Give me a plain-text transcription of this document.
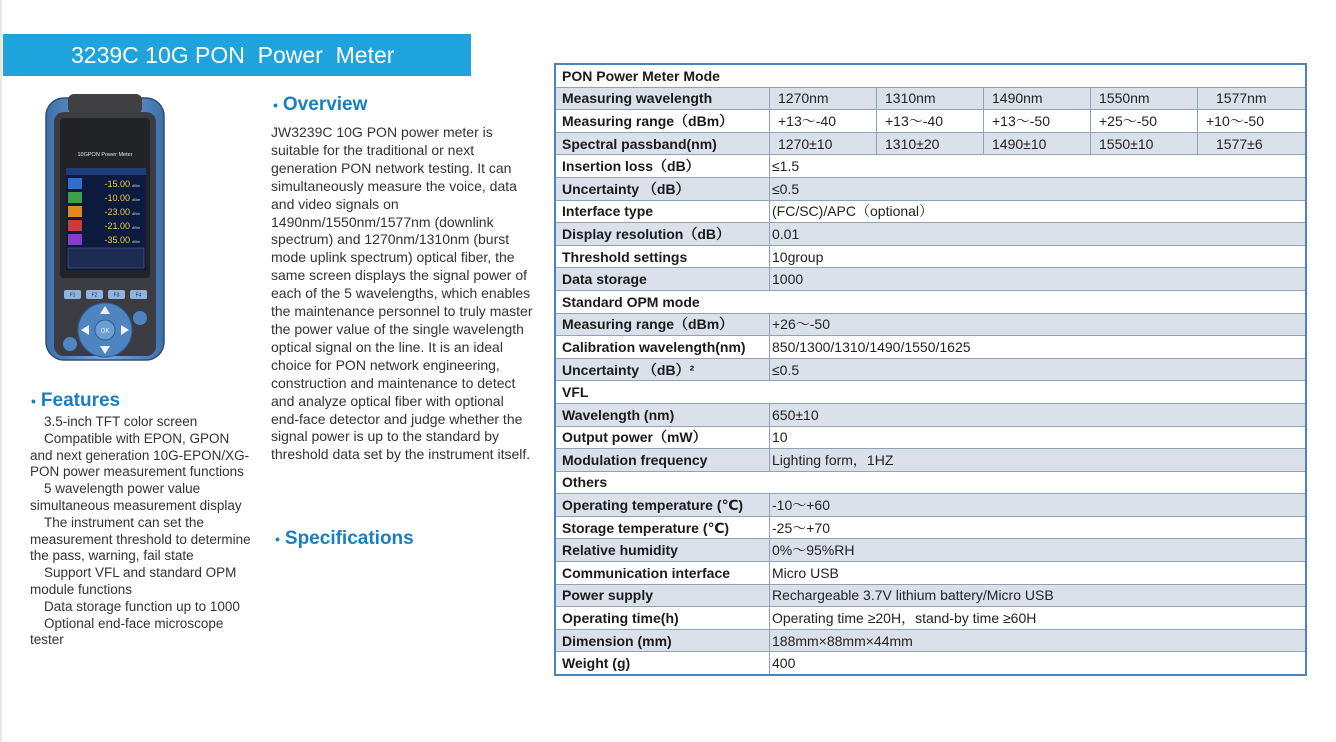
3239C 10G PON  Power  Meter
10GPON Power Meter
-15.00 dBm
-10.00 dBm
-23.00 dBm
-21.00 dBm
-35.00 dBm
F1	F2	F3	F4
OK
• Overview

JW3239C 10G PON power meter is suitable for the traditional or next generation PON network testing. It can simultaneously measure the voice, data and video signals on 1490nm/1550nm/1577nm (downlink spectrum) and 1270nm/1310nm (burst mode uplink spectrum) optical fiber, the same screen displays the signal power of each of the 5 wavelengths, which enables the maintenance personnel to truly master the power value of the single wavelength optical signal on the line. It is an ideal choice for PON network engineering, construction and maintenance to detect and analyze optical fiber with optional end-face detector and judge whether the signal power is up to the standard by threshold data set by the instrument itself.

• Features

3.5-inch TFT color screen

Compatible with EPON, GPON and next generation 10G-EPON/XG-PON power measurement functions

5 wavelength power value simultaneous measurement display

The instrument can set the measurement threshold to determine the pass, warning, fail state

Support VFL and standard OPM module functions

Data storage function up to 1000

Optional end-face microscope tester

• Specifications
PON Power Meter Mode					
Measuring wavelength	1270nm	1310nm	1490nm	1550nm	1577nm
Measuring range（dBm）	+13～-40	+13～-40	+13～-50	+25～-50	+10～-50
Spectral passband(nm)	1270±10	1310±20	1490±10	1550±10	1577±6
Insertion loss（dB）	≤1.5				
Uncertainty （dB）	≤0.5				
Interface type	(FC/SC)/APC（optional）				
Display resolution（dB）	0.01				
Threshold settings	10group				
Data storage	1000				
Standard OPM mode					
Measuring range（dBm）	+26～-50				
Calibration wavelength(nm)	850/1300/1310/1490/1550/1625				
Uncertainty （dB）²	≤0.5				
VFL					
Wavelength (nm)	650±10				
Output power（mW）	10				
Modulation frequency	Lighting form，1HZ				
Others					
Operating temperature (℃)	-10～+60				
Storage temperature (℃)	-25～+70				
Relative humidity	0%～95%RH				
Communication interface	Micro USB				
Power supply	Rechargeable 3.7V lithium battery/Micro USB				
Operating time(h)	Operating time ≥20H，stand-by time ≥60H				
Dimension (mm)	188mm×88mm×44mm				
Weight (g)	400				
